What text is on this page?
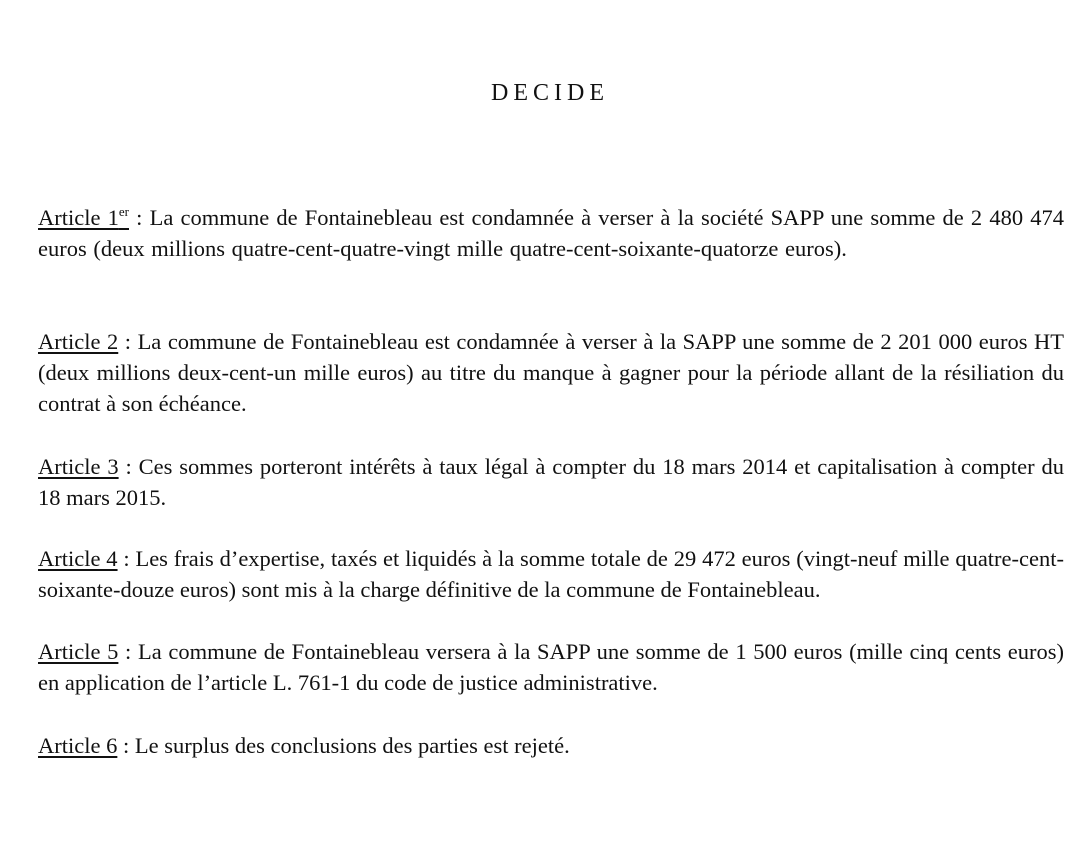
DECIDE

Article 1er : La commune de Fontainebleau est condamnée à verser à la société SAPP une somme de 2 480 474 euros (deux millions quatre-cent-quatre-vingt mille quatre-cent-soixante-quatorze euros).

Article 2 : La commune de Fontainebleau est condamnée à verser à la SAPP une somme de 2 201 000 euros HT (deux millions deux-cent-un mille euros) au titre du manque à gagner pour la période allant de la résiliation du contrat à son échéance.

Article 3 : Ces sommes porteront intérêts à taux légal à compter du 18 mars 2014 et capitalisation à compter du 18 mars 2015.

Article 4 : Les frais d’expertise, taxés et liquidés à la somme totale de 29 472 euros (vingt-neuf mille quatre-cent-soixante-douze euros) sont mis à la charge définitive de la commune de Fontainebleau.

Article 5 : La commune de Fontainebleau versera à la SAPP une somme de 1 500 euros (mille cinq cents euros) en application de l’article L. 761-1 du code de justice administrative.

Article 6 : Le surplus des conclusions des parties est rejeté.
